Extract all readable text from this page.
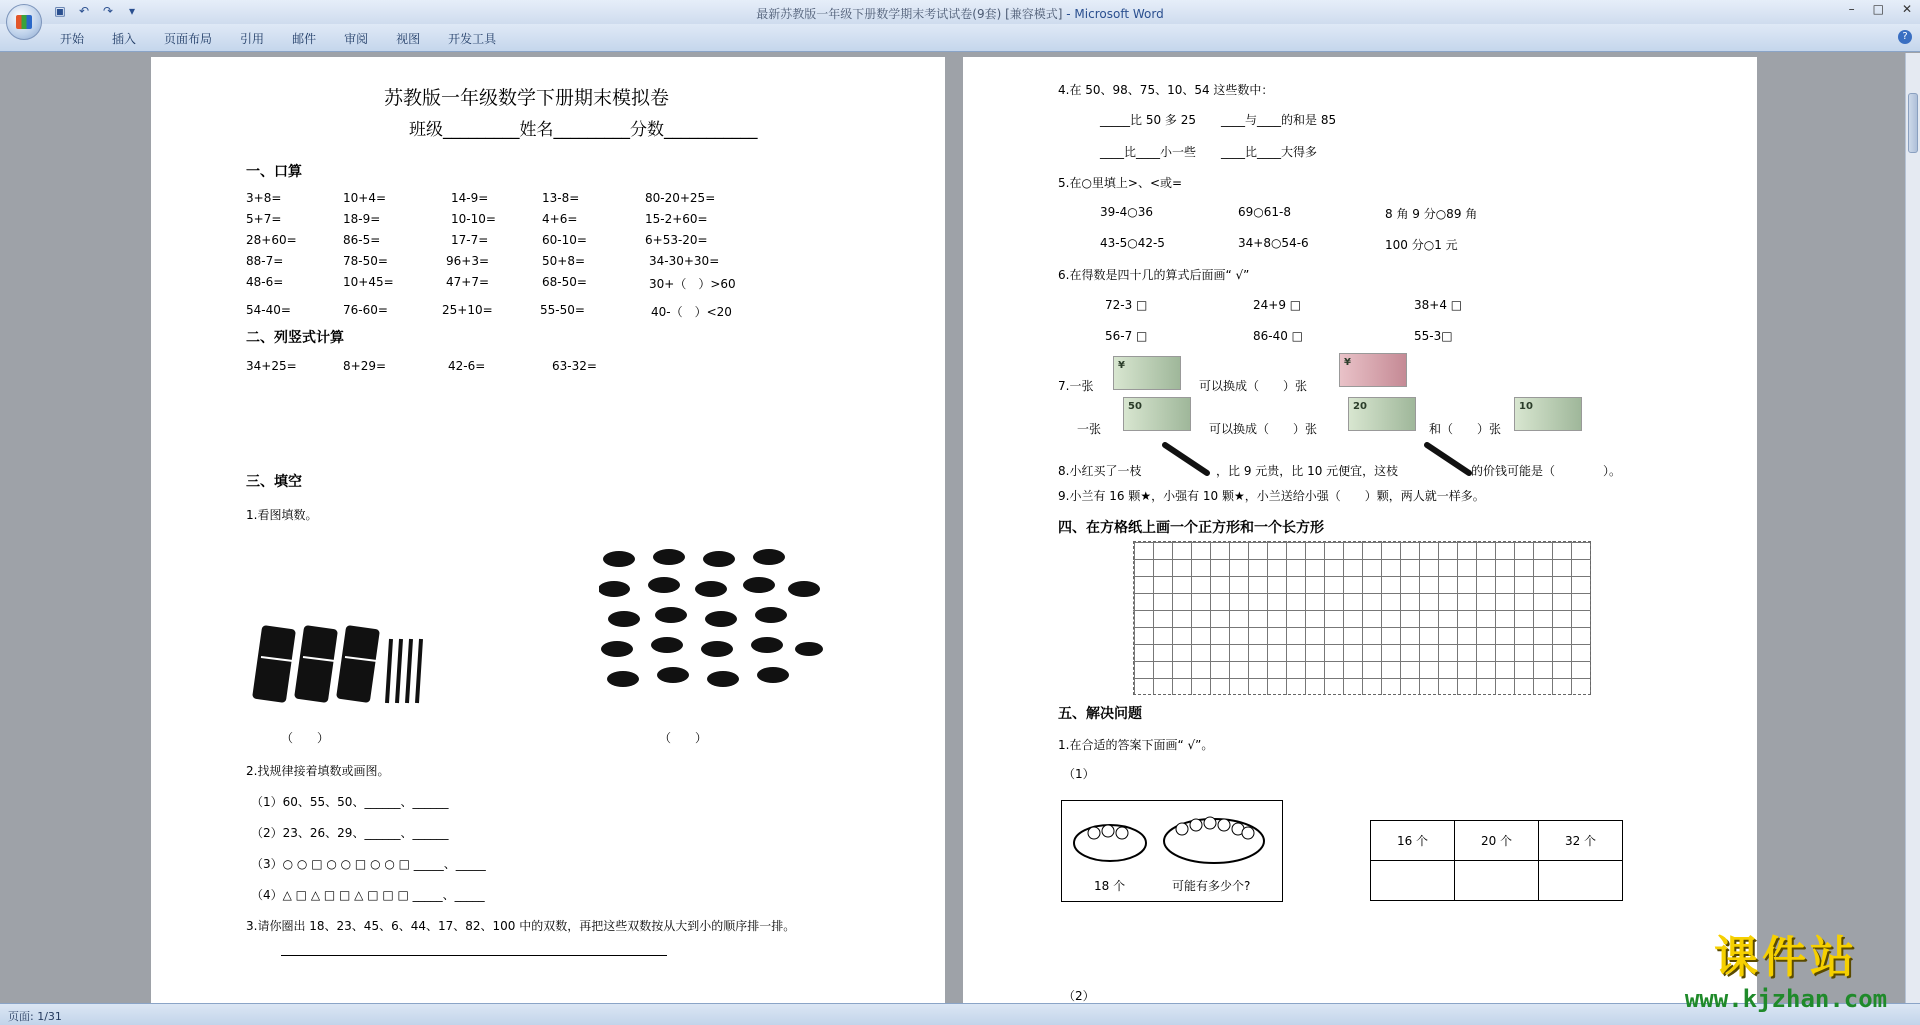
最新苏教版一年级下册数学期末考试试卷(9套) [兼容模式] - Microsoft Word
▣ ↶ ↷	▾	– □ ✕
开始 插入 页面布局 引用 邮件 审阅 视图 开发工具	?
苏教版一年级数学下册期末模拟卷
班级_________姓名_________分数___________
一、口算
3+8=	10+4=	14-9=	13-8=	80-20+25=
5+7=	18-9=	10-10=	4+6=	15-2+60=
28+60=	86-5=	17-7=	60-10=	6+53-20=
88-7=	78-50=	96+3=	50+8=	34-30+30=
48-6=	10+45=	47+7=	68-50=	30+（　）>60
54-40=	76-60=	25+10=	55-50=	40-（　）<20
二、列竖式计算
34+25=	8+29=	42-6=	63-32=
三、填空
1.看图填数。
（　　）	（　　）
2.找规律接着填数或画图。
（1）60、55、50、______、______
（2）23、26、29、______、______
（3）○ ○ □ ○ ○ □ ○ ○ □ _____、_____
（4）△ □ △ □ □ △ □ □ □ _____、_____
3.请你圈出 18、23、45、6、44、17、82、100 中的双数，再把这些双数按从大到小的顺序排一排。
4.在 50、98、75、10、54 这些数中：
_____比 50 多 25 ____与____的和是 85
____比____小一些 ____比____大得多
5.在○里填上>、<或=
39-4○36	69○61-8	8 角 9 分○89 角
43-5○42-5	34+8○54-6	100 分○1 元
6.在得数是四十几的算式后面画“ √”
72-3 □	24+9 □	38+4 □
56-7 □	86-40 □	55-3□
7.一张
¥
可以换成（　　）张
¥
一张
50
可以换成（　　）张
20
和（　　）张
10
8.小红买了一枝	，比 9 元贵，比 10 元便宜，这枝	的价钱可能是（　　　　）。
9.小兰有 16 颗★，小强有 10 颗★，小兰送给小强（　　）颗，两人就一样多。
四、在方格纸上画一个正方形和一个长方形
五、解决问题
1.在合适的答案下面画“ √”。
（1）
18 个	可能有多少个?
16 个	20 个	32 个

（2）
页面: 1/31
课件站
www.kjzhan.com
